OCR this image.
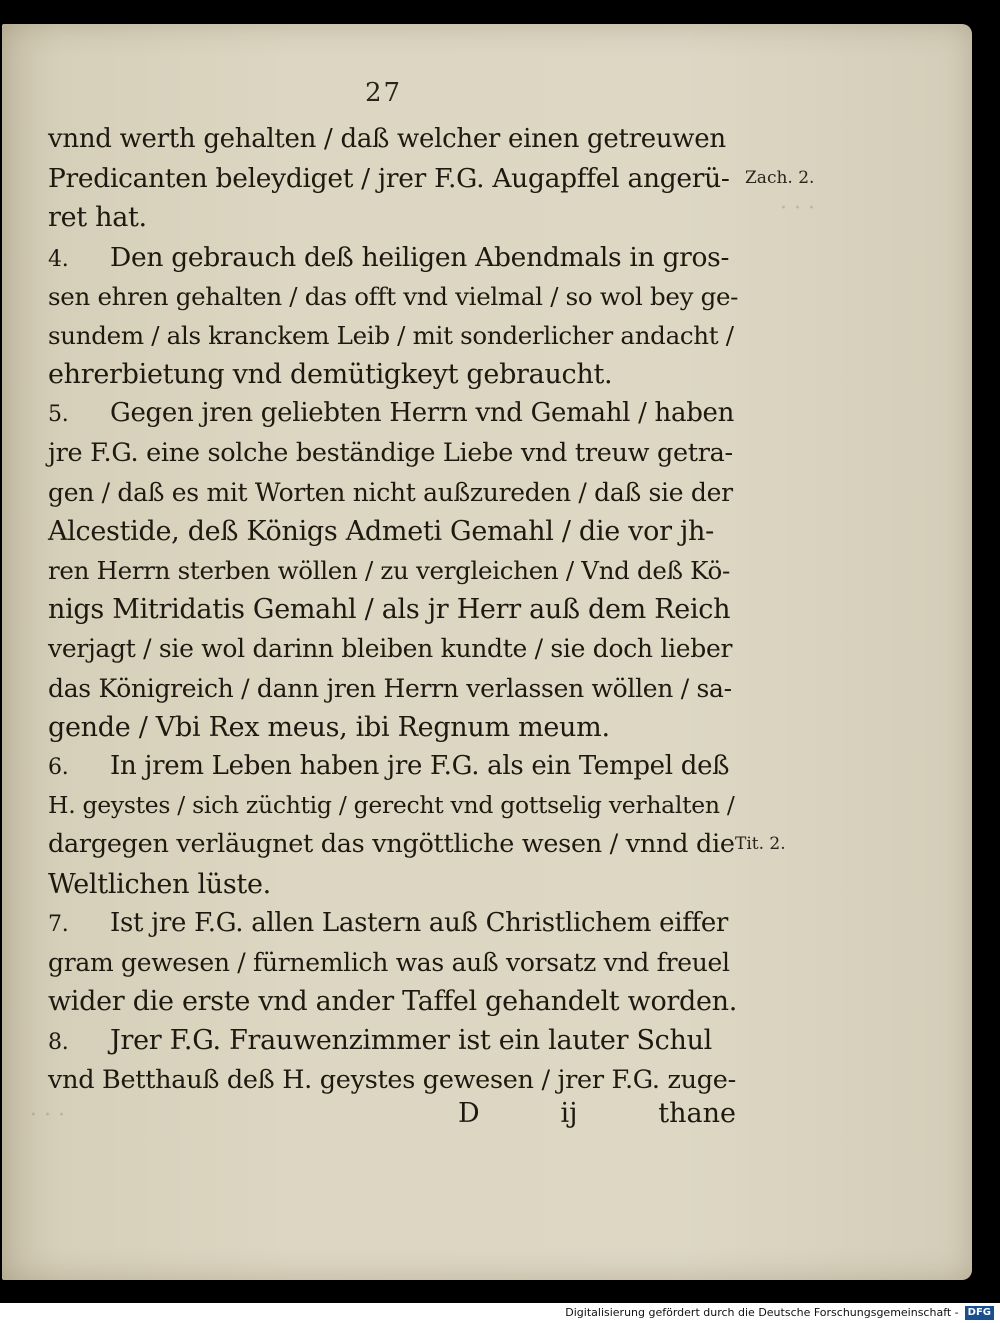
· · ·
· · ·
27
vnnd werth gehalten / daß welcher einen getreuwen
Predicanten beleydiget / jrer F.G. Augapffel angerü-
ret hat.
4. Den gebrauch deß heiligen Abendmals in gros-
sen ehren gehalten / das offt vnd vielmal / so wol bey ge-
sundem / als kranckem Leib / mit sonderlicher andacht /
ehrerbietung vnd demütigkeyt gebraucht.
5. Gegen jren geliebten Herrn vnd Gemahl / haben
jre F.G. eine solche beständige Liebe vnd treuw getra-
gen / daß es mit Worten nicht außzureden / daß sie der
Alcestide, deß Königs Admeti Gemahl / die vor jh-
ren Herrn sterben wöllen / zu vergleichen / Vnd deß Kö-
nigs Mitridatis Gemahl / als jr Herr auß dem Reich
verjagt / sie wol darinn bleiben kundte / sie doch lieber
das Königreich / dann jren Herrn verlassen wöllen / sa-
gende / Vbi Rex meus, ibi Regnum meum.
6. In jrem Leben haben jre F.G. als ein Tempel deß
H. geystes / sich züchtig / gerecht vnd gottselig verhalten /
dargegen verläugnet das vngöttliche wesen / vnnd die
Weltlichen lüste.
7. Ist jre F.G. allen Lastern auß Christlichem eiffer
gram gewesen / fürnemlich was auß vorsatz vnd freuel
wider die erste vnd ander Taffel gehandelt worden.
8. Jrer F.G. Frauwenzimmer ist ein lauter Schul
vnd Betthauß deß H. geystes gewesen / jrer F.G. zuge-
Zach. 2.
Tit. 2.
D	ij	thane
Digitalisierung gefördert durch die Deutsche Forschungsgemeinschaft - DFG
